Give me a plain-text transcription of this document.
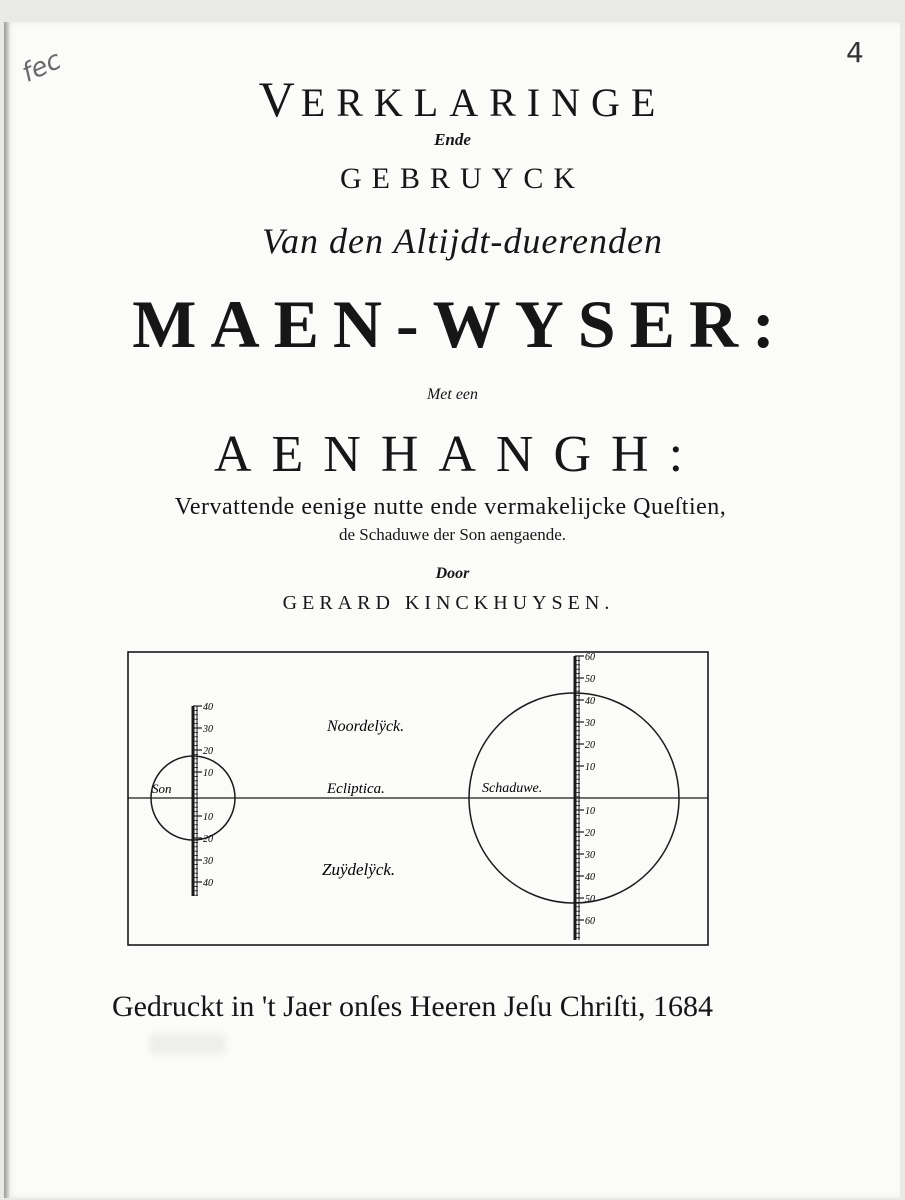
fec	4
VERKLARINGE
Ende
GEBRUYCK
Van den Altijdt-duerenden
MAEN-WYSER:
Met een
AENHANGH:
Vervattende eenige nutte ende vermakelijcke Queſtien,
de Schaduwe der Son aengaende.
Door
GERARD KINCKHUYSEN.
40
30
20
10
10
20
30
40
60
50
40
30
20
10
10
20
30
40
50
60
Son
Noordelÿck.
Ecliptica.
Zuÿdelÿck.
Schaduwe.
Gedruckt in 't Jaer onſes Heeren Jeſu Chriſti, 1684
